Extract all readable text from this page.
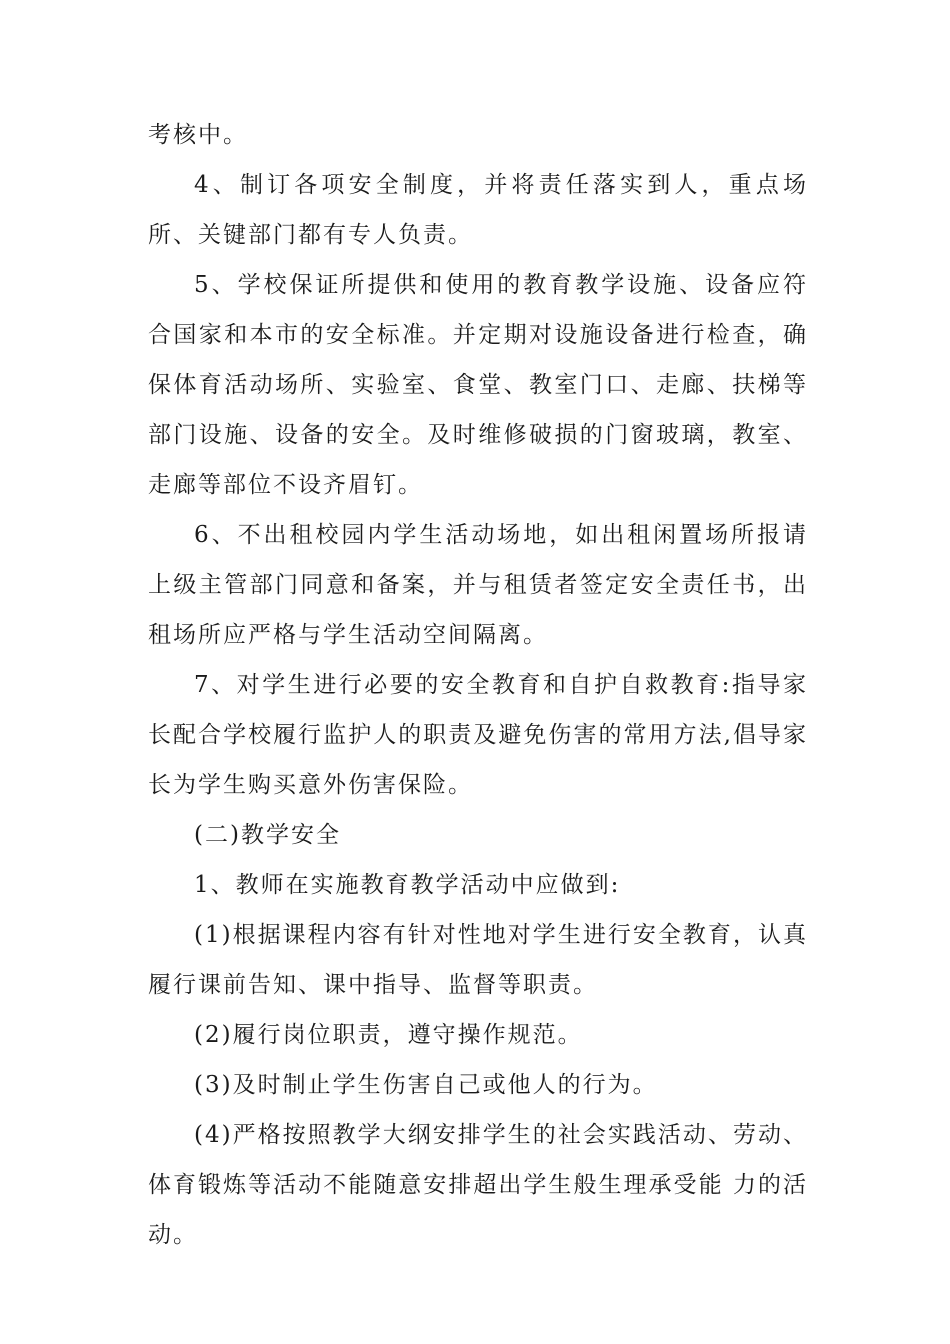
考核中。

4、制订各项安全制度，并将责任落实到人，重点场所、关键部门都有专人负责。

5、学校保证所提供和使用的教育教学设施、设备应符合国家和本市的安全标准。并定期对设施设备进行检查，确保体育活动场所、实验室、食堂、教室门口、走廊、扶梯等部门设施、设备的安全。及时维修破损的门窗玻璃，教室、走廊等部位不设齐眉钉。

6、不出租校园内学生活动场地，如出租闲置场所报请上级主管部门同意和备案，并与租赁者签定安全责任书，出租场所应严格与学生活动空间隔离。

7、对学生进行必要的安全教育和自护自救教育:指导家长配合学校履行监护人的职责及避免伤害的常用方法,倡导家长为学生购买意外伤害保险。

(二)教学安全

1、教师在实施教育教学活动中应做到:

(1)根据课程内容有针对性地对学生进行安全教育，认真履行课前告知、课中指导、监督等职责。

(2)履行岗位职责，遵守操作规范。

(3)及时制止学生伤害自己或他人的行为。

(4)严格按照教学大纲安排学生的社会实践活动、劳动、体育锻炼等活动不能随意安排超出学生般生理承受能 力的活动。
